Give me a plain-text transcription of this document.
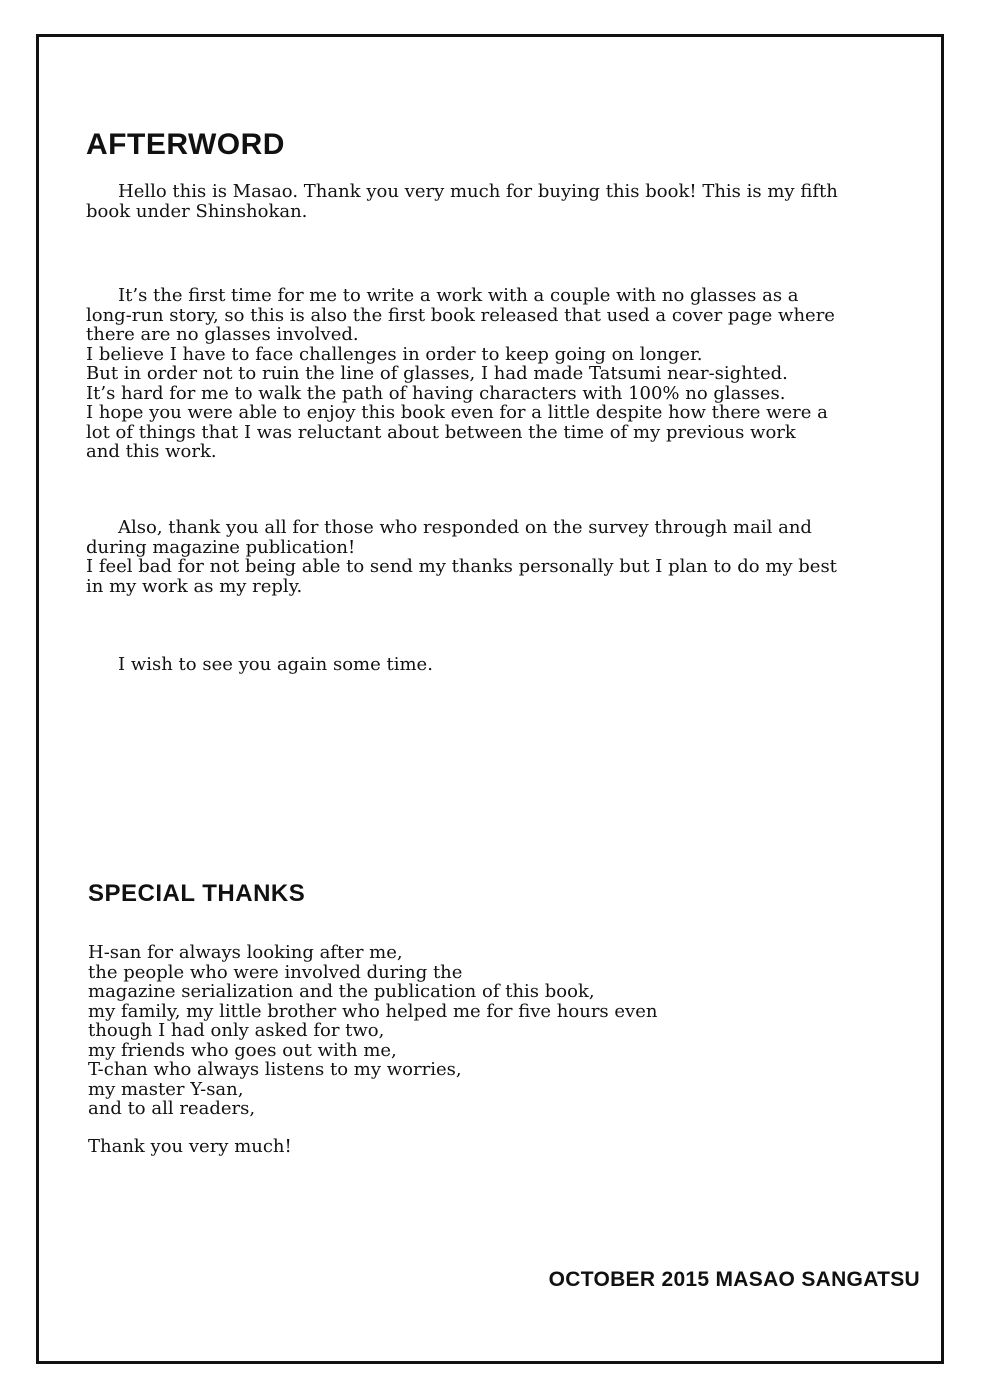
AFTERWORD

Hello this is Masao. Thank you very much for buying this book! This is my fifth
book under Shinshokan.

It’s the first time for me to write a work with a couple with no glasses as a
long-run story, so this is also the first book released that used a cover page where
there are no glasses involved.
I believe I have to face challenges in order to keep going on longer.
But in order not to ruin the line of glasses, I had made Tatsumi near-sighted.
It’s hard for me to walk the path of having characters with 100% no glasses.
I hope you were able to enjoy this book even for a little despite how there were a
lot of things that I was reluctant about between the time of my previous work
and this work.

Also, thank you all for those who responded on the survey through mail and
during magazine publication!
I feel bad for not being able to send my thanks personally but I plan to do my best
in my work as my reply.

I wish to see you again some time.

SPECIAL THANKS
H-san for always looking after me,
the people who were involved during the
magazine serialization and the publication of this book,
my family, my little brother who helped me for five hours even
though I had only asked for two,
my friends who goes out with me,
T-chan who always listens to my worries,
my master Y-san,
and to all readers,

Thank you very much!

OCTOBER 2015 MASAO SANGATSU
